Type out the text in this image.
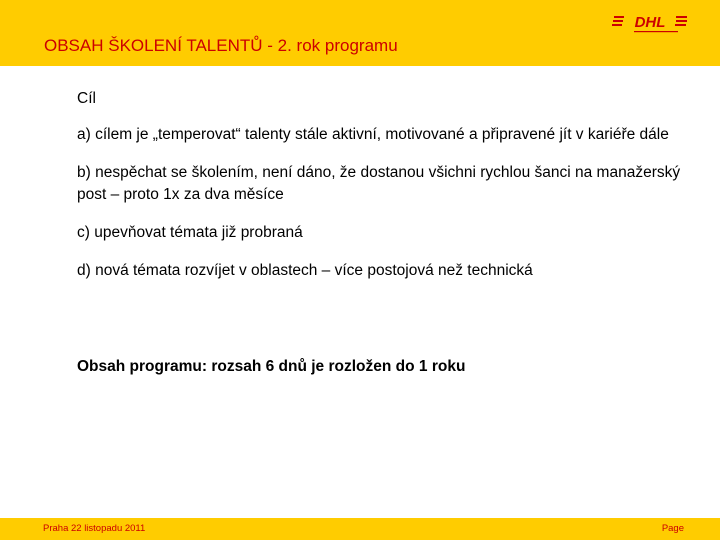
OBSAH ŠKOLENÍ TALENTŮ - 2. rok programu
DHL

Cíl

a) cílem je „temperovat“ talenty stále aktivní, motivované a připravené jít v kariéře dále

b) nespěchat se školením, není dáno, že dostanou všichni rychlou šanci na manažerský post – proto 1x za dva měsíce

c) upevňovat témata již probraná

d) nová témata rozvíjet v oblastech – více postojová než technická

Obsah programu: rozsah 6 dnů je rozložen do 1 roku
Praha 22 listopadu 2011	Page
